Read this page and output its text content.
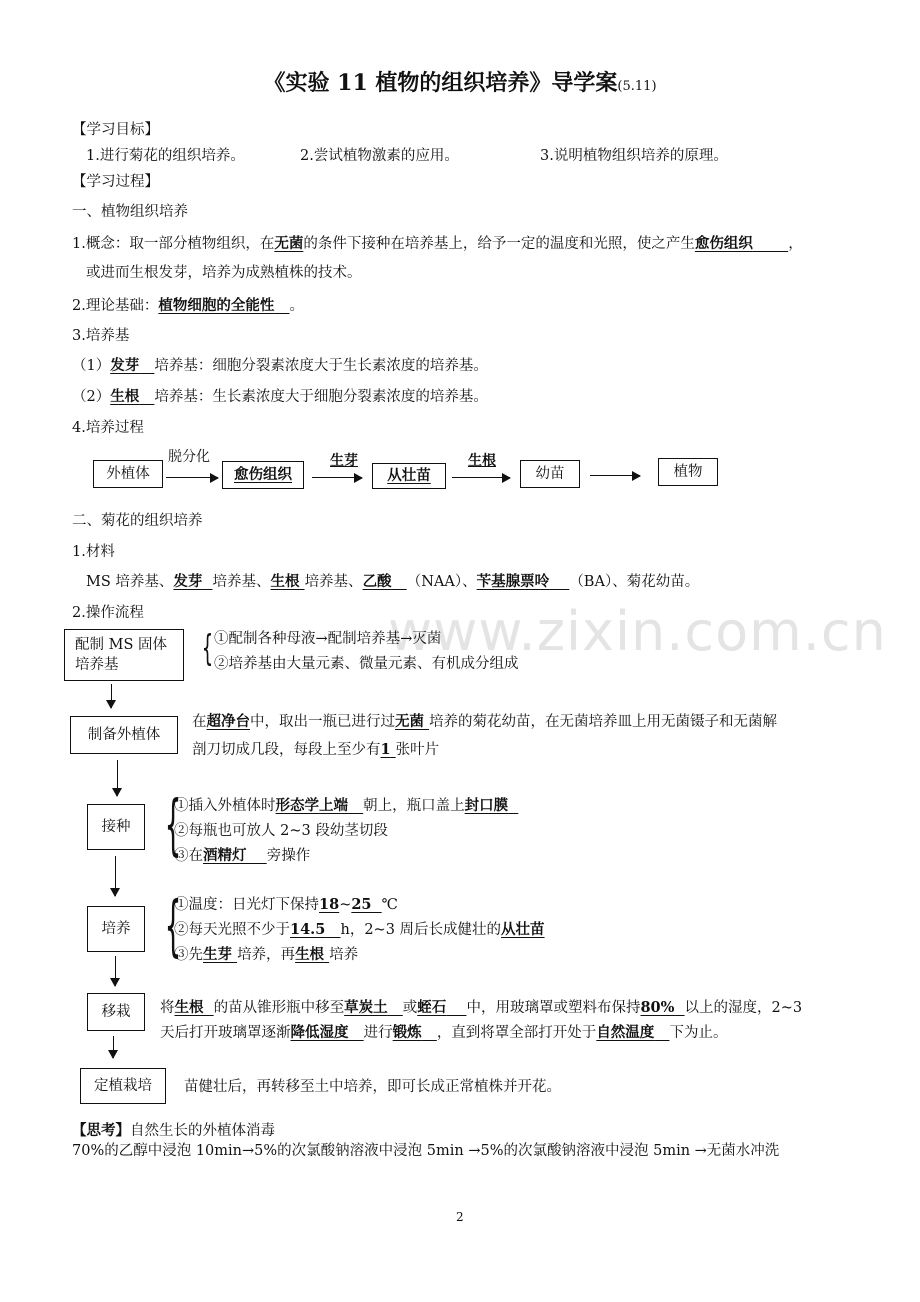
www.zixin.com.cn
《实验 11 植物的组织培养》导学案(5.11)
【学习目标】
1.进行菊花的组织培养。	2.尝试植物激素的应用。	3.说明植物组织培养的原理。
【学习过程】
一、植物组织培养
1.概念：取一部分植物组织，在无菌的条件下接种在培养基上，给予一定的温度和光照，使之产生愈伤组织 ，
或进而生根发芽，培养为成熟植株的技术。
2.理论基础：植物细胞的全能性 。
3.培养基
（1）发芽 培养基：细胞分裂素浓度大于生长素浓度的培养基。
（2）生根 培养基：生长素浓度大于细胞分裂素浓度的培养基。
4.培养过程
外植体
脱分化
愈伤组织
生芽
从壮苗
生根
幼苗	植物
二、菊花的组织培养
1.材料
MS 培养基、发芽 培养基、生根 培养基、乙酸 （NAA）、苄基腺票呤 （BA）、菊花幼苗。
2.操作流程
配制 MS 固体
培养基	{ ①配制各种母液→配制培养基→灭菌
②培养基由大量元素、微量元素、有机成分组成
制备外植体
在超净台中，取出一瓶已进行过无菌 培养的菊花幼苗，在无菌培养皿上用无菌镊子和无菌解
剖刀切成几段，每段上至少有1 张叶片
接种 {
①插入外植体时形态学上端 朝上，瓶口盖上封口膜
②每瓶也可放人 2~3 段幼茎切段
③在酒精灯 旁操作
培养 {
①温度：日光灯下保持18~25 ℃
②每天光照不少于14.5 h，2~3 周后长成健壮的从壮苗
③先生芽 培养，再生根 培养
移栽	将生根 的苗从锥形瓶中移至草炭土 或蛭石 中，用玻璃罩或塑料布保持80% 以上的湿度，2~3
天后打开玻璃罩逐渐降低湿度 进行锻炼 ，直到将罩全部打开处于自然温度 下为止。
定植栽培	苗健壮后，再转移至土中培养，即可长成正常植株并开花。
【思考】自然生长的外植体消毒
70%的乙醇中浸泡 10min→5%的次氯酸钠溶液中浸泡 5min →5%的次氯酸钠溶液中浸泡 5min →无菌水冲洗
2
